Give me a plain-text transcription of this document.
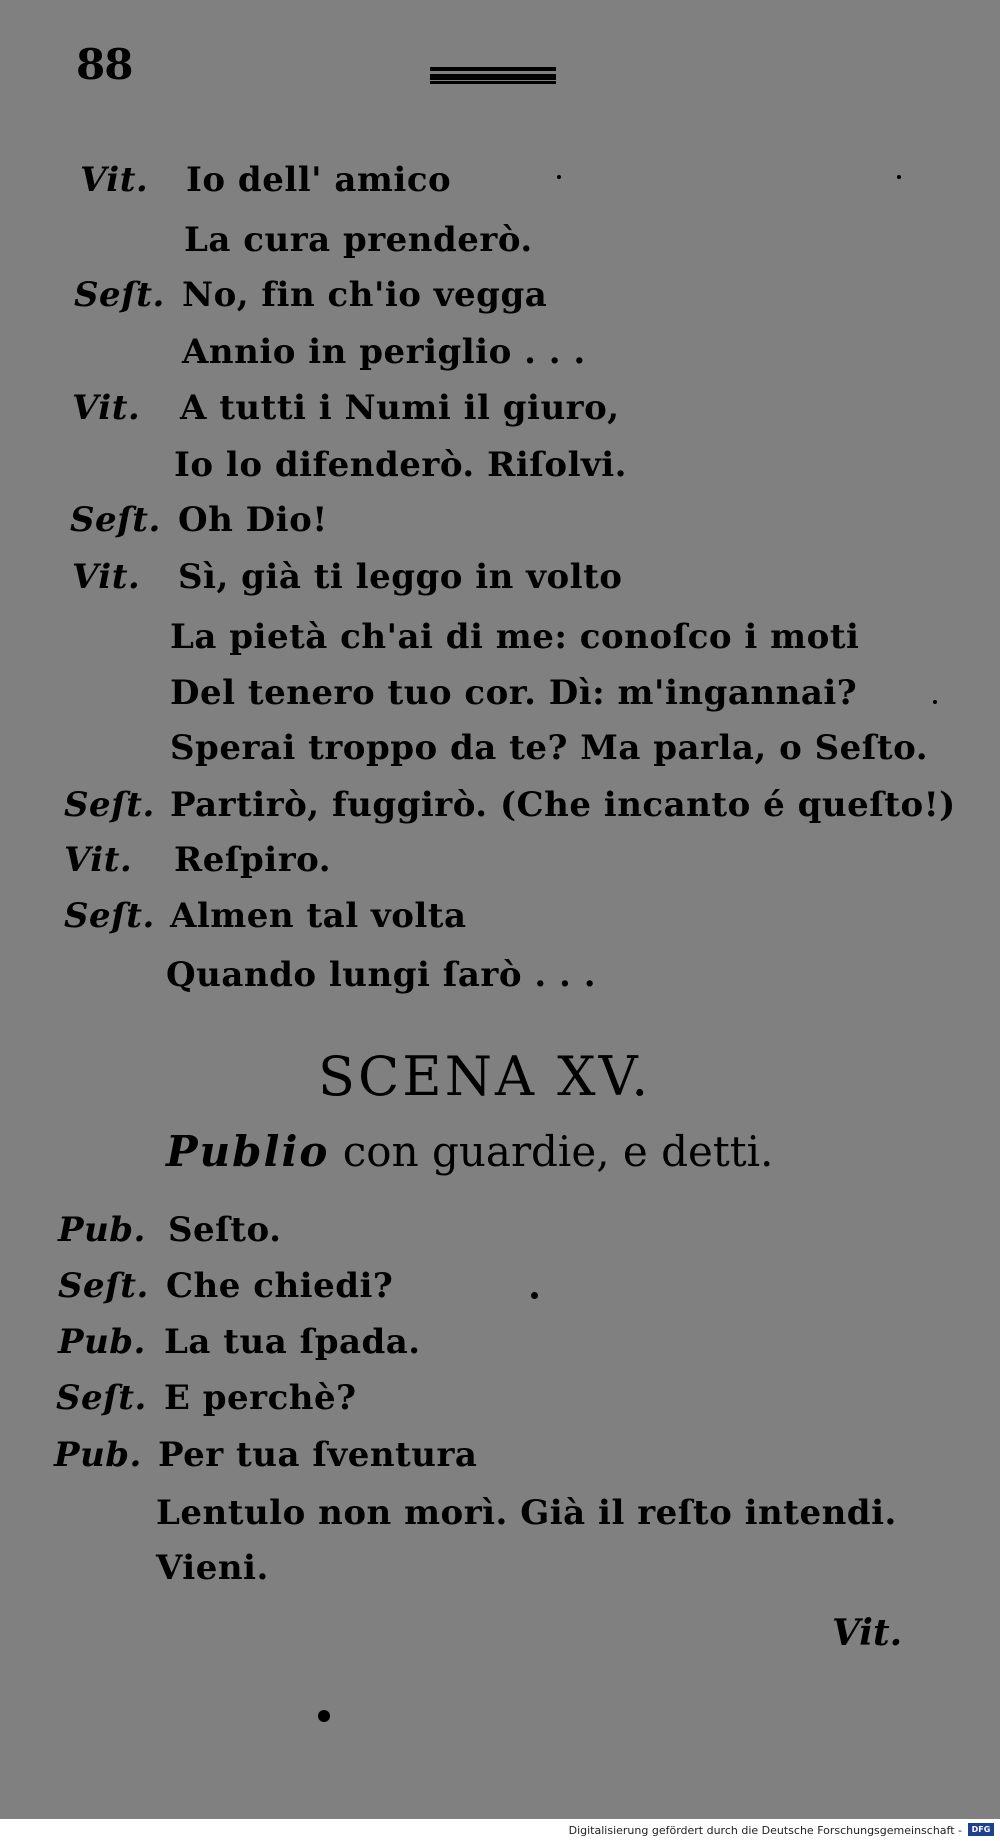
88
Vit. Io dell' amico
La cura prenderò.
Seſt. No, fin ch'io vegga
Annio in periglio . . .
Vit. A tutti i Numi il giuro,
Io lo difenderò. Riſolvi.
Seſt. Oh Dio!
Vit. Sì, già ti leggo in volto
La pietà ch'ai di me: conoſco i moti
Del tenero tuo cor. Dì: m'ingannai?
Sperai troppo da te? Ma parla, o Seſto.
Seſt. Partirò, fuggirò. (Che incanto é queſto!)
Vit. Reſpiro.
Seſt. Almen tal volta
Quando lungi ſarò . . .
SCENA XV.
Publio con guardie, e detti.
Pub. Seſto.
Seſt. Che chiedi?
Pub. La tua ſpada.
Seſt. E perchè?
Pub. Per tua ſventura
Lentulo non morì. Già il reſto intendi.
Vieni.
Vit.
Digitalisierung gefördert durch die Deutsche Forschungsgemeinschaft -	DFG
